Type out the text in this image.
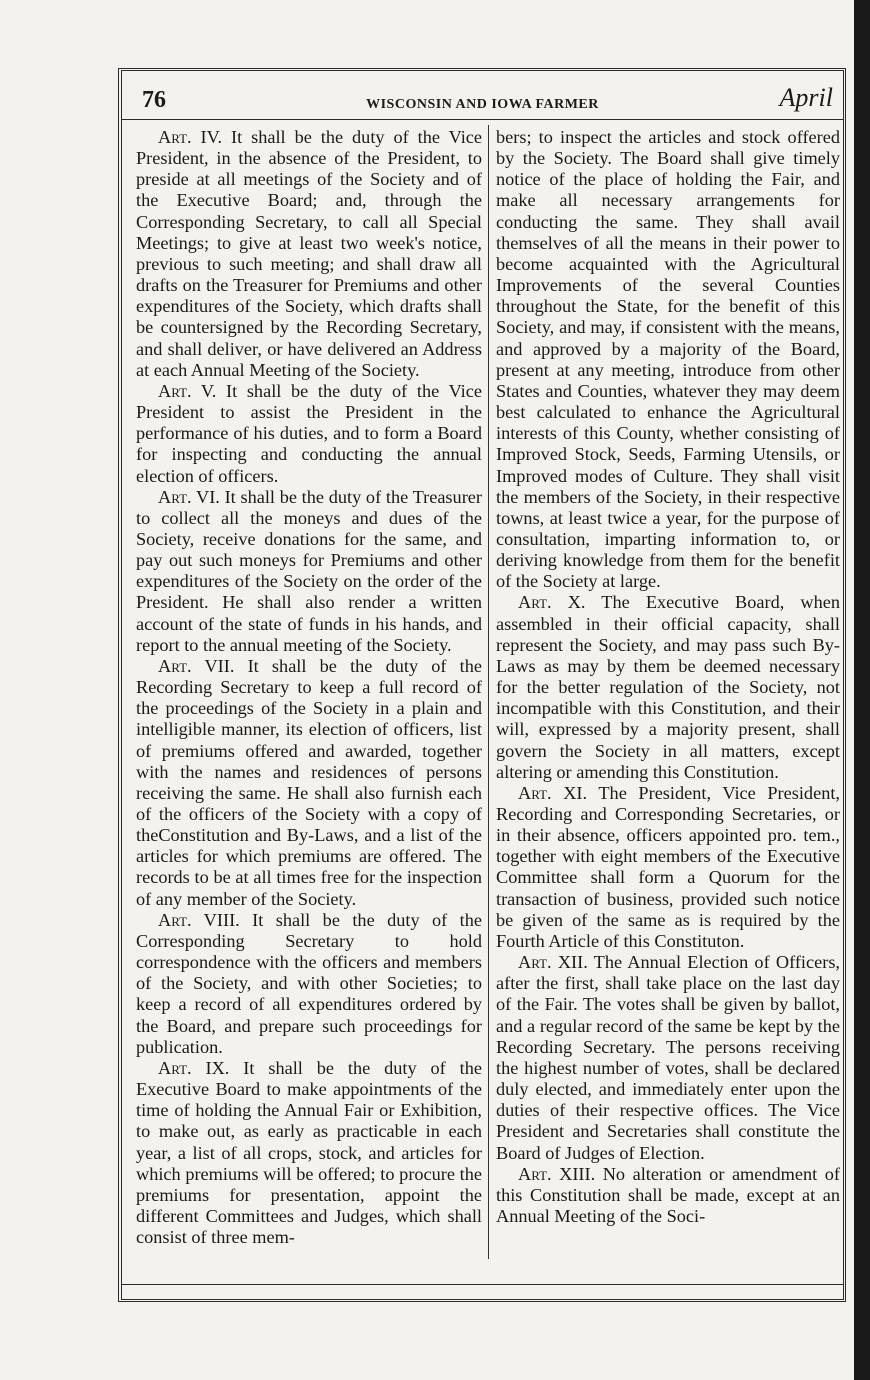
76	WISCONSIN AND IOWA FARMER	April

Art. IV. It shall be the duty of the Vice President, in the absence of the President, to preside at all meetings of the Society and of the Executive Board; and, through the Corresponding Secretary, to call all Special Meetings; to give at least two week's notice, previous to such meeting; and shall draw all drafts on the Treasurer for Premiums and other expenditures of the Society, which drafts shall be countersigned by the Recording Secretary, and shall deliver, or have delivered an Address at each Annual Meeting of the Society.

Art. V. It shall be the duty of the Vice President to assist the President in the performance of his duties, and to form a Board for inspecting and conducting the annual election of officers.

Art. VI. It shall be the duty of the Treasurer to collect all the moneys and dues of the Society, receive donations for the same, and pay out such moneys for Premiums and other expenditures of the Society on the order of the President. He shall also render a written account of the state of funds in his hands, and report to the annual meeting of the Society.

Art. VII. It shall be the duty of the Recording Secretary to keep a full record of the proceedings of the Society in a plain and intelligible manner, its election of officers, list of premiums offered and awarded, together with the names and residences of persons receiving the same. He shall also furnish each of the officers of the Society with a copy of theConstitution and By-Laws, and a list of the articles for which premiums are offered. The records to be at all times free for the inspection of any member of the Society.

Art. VIII. It shall be the duty of the Corresponding Secretary to hold correspondence with the officers and members of the Society, and with other Societies; to keep a record of all expenditures ordered by the Board, and prepare such proceedings for publication.

Art. IX. It shall be the duty of the Executive Board to make appointments of the time of holding the Annual Fair or Exhibition, to make out, as early as practicable in each year, a list of all crops, stock, and articles for which premiums will be offered; to procure the premiums for presentation, appoint the different Committees and Judges, which shall consist of three mem-

bers; to inspect the articles and stock offered by the Society. The Board shall give timely notice of the place of holding the Fair, and make all necessary arrangements for conducting the same. They shall avail themselves of all the means in their power to become acquainted with the Agricultural Improvements of the several Counties throughout the State, for the benefit of this Society, and may, if consistent with the means, and approved by a majority of the Board, present at any meeting, introduce from other States and Counties, whatever they may deem best calculated to enhance the Agricultural interests of this County, whether consisting of Improved Stock, Seeds, Farming Utensils, or Improved modes of Culture. They shall visit the members of the Society, in their respective towns, at least twice a year, for the purpose of consultation, imparting information to, or deriving knowledge from them for the benefit of the Society at large.

Art. X. The Executive Board, when assembled in their official capacity, shall represent the Society, and may pass such By-Laws as may by them be deemed necessary for the better regulation of the Society, not incompatible with this Constitution, and their will, expressed by a majority present, shall govern the Society in all matters, except altering or amending this Constitution.

Art. XI. The President, Vice President, Recording and Corresponding Secretaries, or in their absence, officers appointed pro. tem., together with eight members of the Executive Committee shall form a Quorum for the transaction of business, provided such notice be given of the same as is required by the Fourth Article of this Constituton.

Art. XII. The Annual Election of Officers, after the first, shall take place on the last day of the Fair. The votes shall be given by ballot, and a regular record of the same be kept by the Recording Secretary. The persons receiving the highest number of votes, shall be declared duly elected, and immediately enter upon the duties of their respective offices. The Vice President and Secretaries shall constitute the Board of Judges of Election.

Art. XIII. No alteration or amendment of this Constitution shall be made, except at an Annual Meeting of the Soci-
